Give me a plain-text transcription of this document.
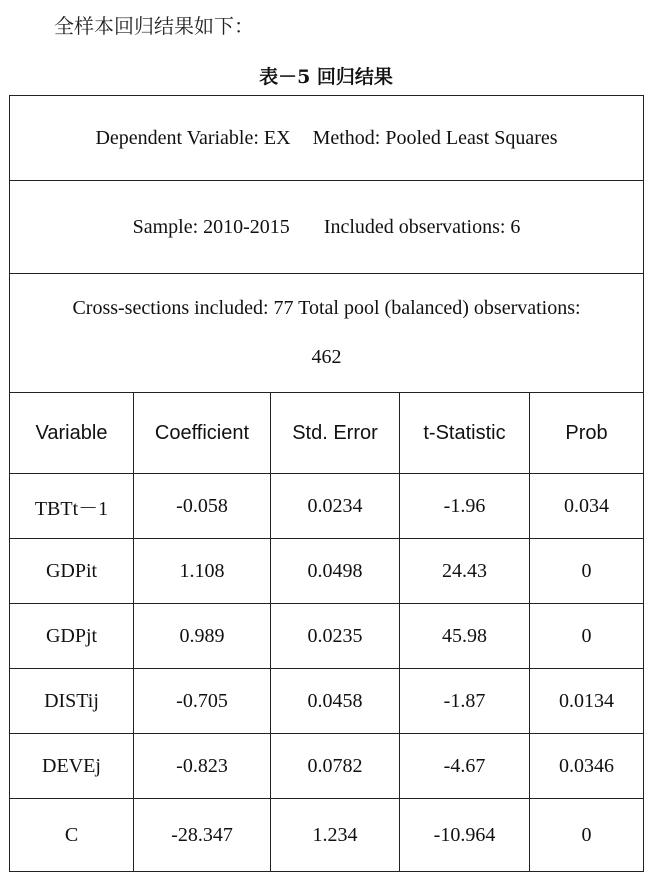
全样本回归结果如下：
表－5 回归结果
Dependent Variable: EX Method: Pooled Least Squares				
Sample: 2010-2015 Included observations: 6				
Cross-sections included: 77 Total pool (balanced) observations:
462				
Variable	Coefficient	Std. Error	t-Statistic	Prob
TBTt－1	-0.058	0.0234	-1.96	0.034
GDPit	1.108	0.0498	24.43	0
GDPjt	0.989	0.0235	45.98	0
DISTij	-0.705	0.0458	-1.87	0.0134
DEVEj	-0.823	0.0782	-4.67	0.0346
C	-28.347	1.234	-10.964	0
